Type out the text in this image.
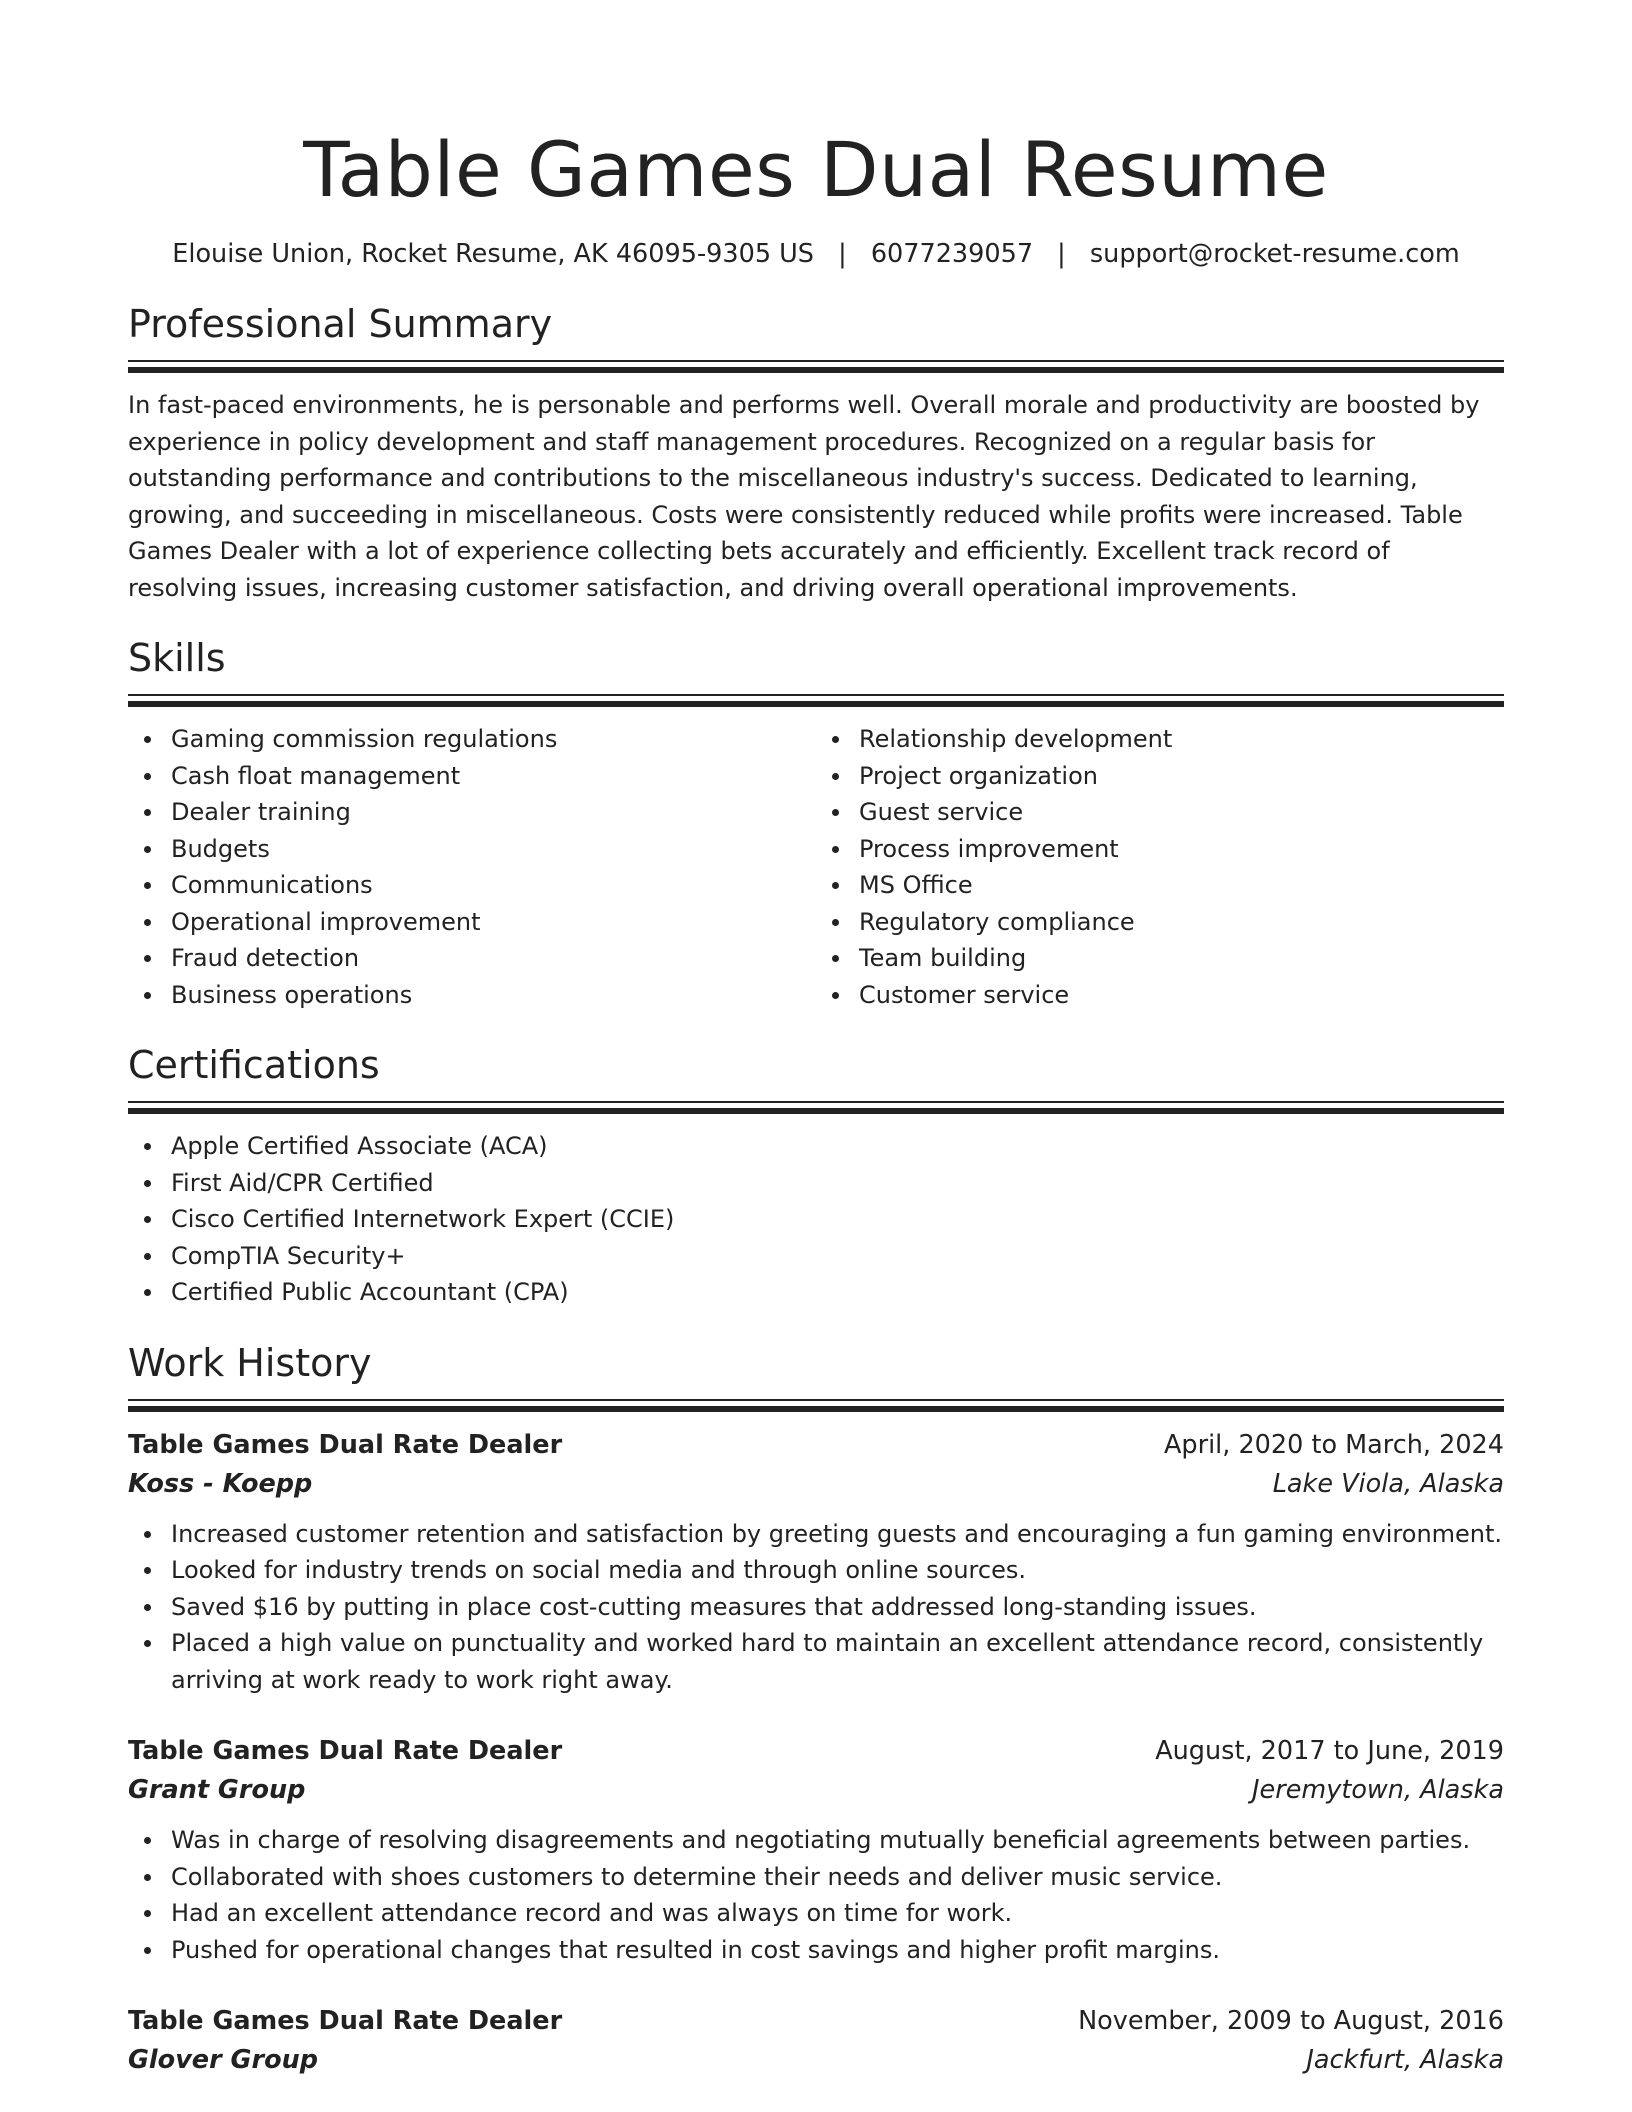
Table Games Dual Resume
Elouise Union, Rocket Resume, AK 46095-9305 US | 6077239057 | support@rocket-resume.com
Professional Summary

In fast-paced environments, he is personable and performs well. Overall morale and productivity are boosted by experience in policy development and staff management procedures. Recognized on a regular basis for outstanding performance and contributions to the miscellaneous industry's success. Dedicated to learning, growing, and succeeding in miscellaneous. Costs were consistently reduced while profits were increased. Table Games Dealer with a lot of experience collecting bets accurately and efficiently. Excellent track record of resolving issues, increasing customer satisfaction, and driving overall operational improvements.

Skills
Gaming commission regulations
Cash float management
Dealer training
Budgets
Communications
Operational improvement
Fraud detection
Business operations
Relationship development
Project organization
Guest service
Process improvement
MS Office
Regulatory compliance
Team building
Customer service
Certifications
Apple Certified Associate (ACA)
First Aid/CPR Certified
Cisco Certified Internetwork Expert (CCIE)
CompTIA Security+
Certified Public Accountant (CPA)
Work History
Table Games Dual Rate Dealer	April, 2020 to March, 2024
Koss - Koepp	Lake Viola, Alaska
Increased customer retention and satisfaction by greeting guests and encouraging a fun gaming environment.
Looked for industry trends on social media and through online sources.
Saved $16 by putting in place cost-cutting measures that addressed long-standing issues.
Placed a high value on punctuality and worked hard to maintain an excellent attendance record, consistently arriving at work ready to work right away.
Table Games Dual Rate Dealer	August, 2017 to June, 2019
Grant Group	Jeremytown, Alaska
Was in charge of resolving disagreements and negotiating mutually beneficial agreements between parties.
Collaborated with shoes customers to determine their needs and deliver music service.
Had an excellent attendance record and was always on time for work.
Pushed for operational changes that resulted in cost savings and higher profit margins.
Table Games Dual Rate Dealer	November, 2009 to August, 2016
Glover Group	Jackfurt, Alaska
